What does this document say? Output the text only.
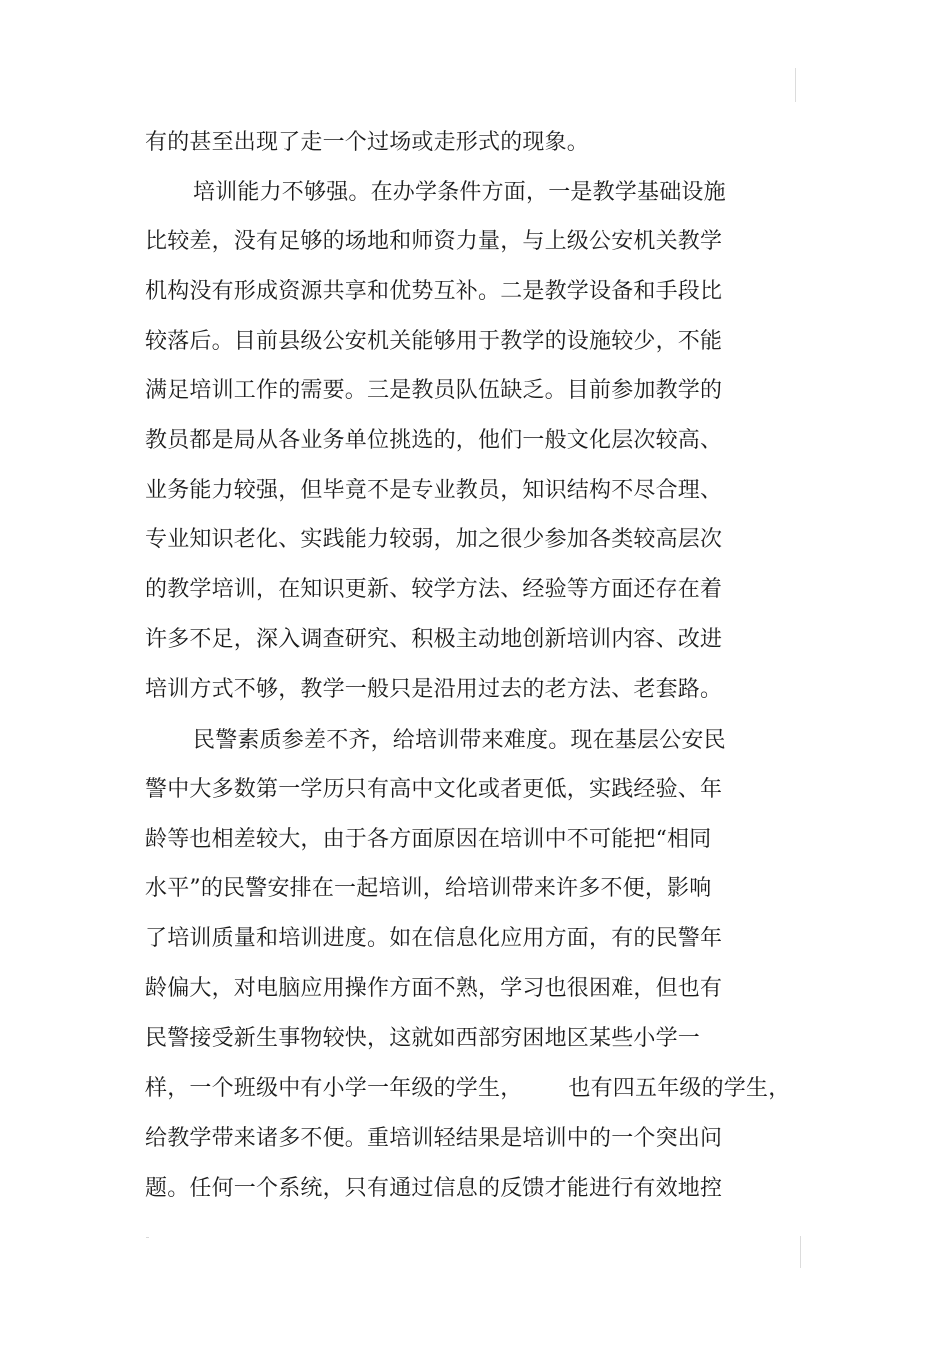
有的甚至出现了走一个过场或走形式的现象。
培训能力不够强。在办学条件方面，一是教学基础设施
比较差，没有足够的场地和师资力量，与上级公安机关教学
机构没有形成资源共享和优势互补。二是教学设备和手段比
较落后。目前县级公安机关能够用于教学的设施较少，不能
满足培训工作的需要。三是教员队伍缺乏。目前参加教学的
教员都是局从各业务单位挑选的，他们一般文化层次较高、
业务能力较强，但毕竟不是专业教员，知识结构不尽合理、
专业知识老化、实践能力较弱，加之很少参加各类较高层次
的教学培训，在知识更新、较学方法、经验等方面还存在着
许多不足，深入调查研究、积极主动地创新培训内容、改进
培训方式不够，教学一般只是沿用过去的老方法、老套路。
民警素质参差不齐，给培训带来难度。现在基层公安民
警中大多数第一学历只有高中文化或者更低，实践经验、年
龄等也相差较大，由于各方面原因在培训中不可能把“相同
水平”的民警安排在一起培训，给培训带来许多不便，影响
了培训质量和培训进度。如在信息化应用方面，有的民警年
龄偏大，对电脑应用操作方面不熟，学习也很困难，但也有
民警接受新生事物较快，这就如西部穷困地区某些小学一
样，一个班级中有小学一年级的学生， 也有四五年级的学生，
给教学带来诸多不便。重培训轻结果是培训中的一个突出问
题。任何一个系统，只有通过信息的反馈才能进行有效地控
